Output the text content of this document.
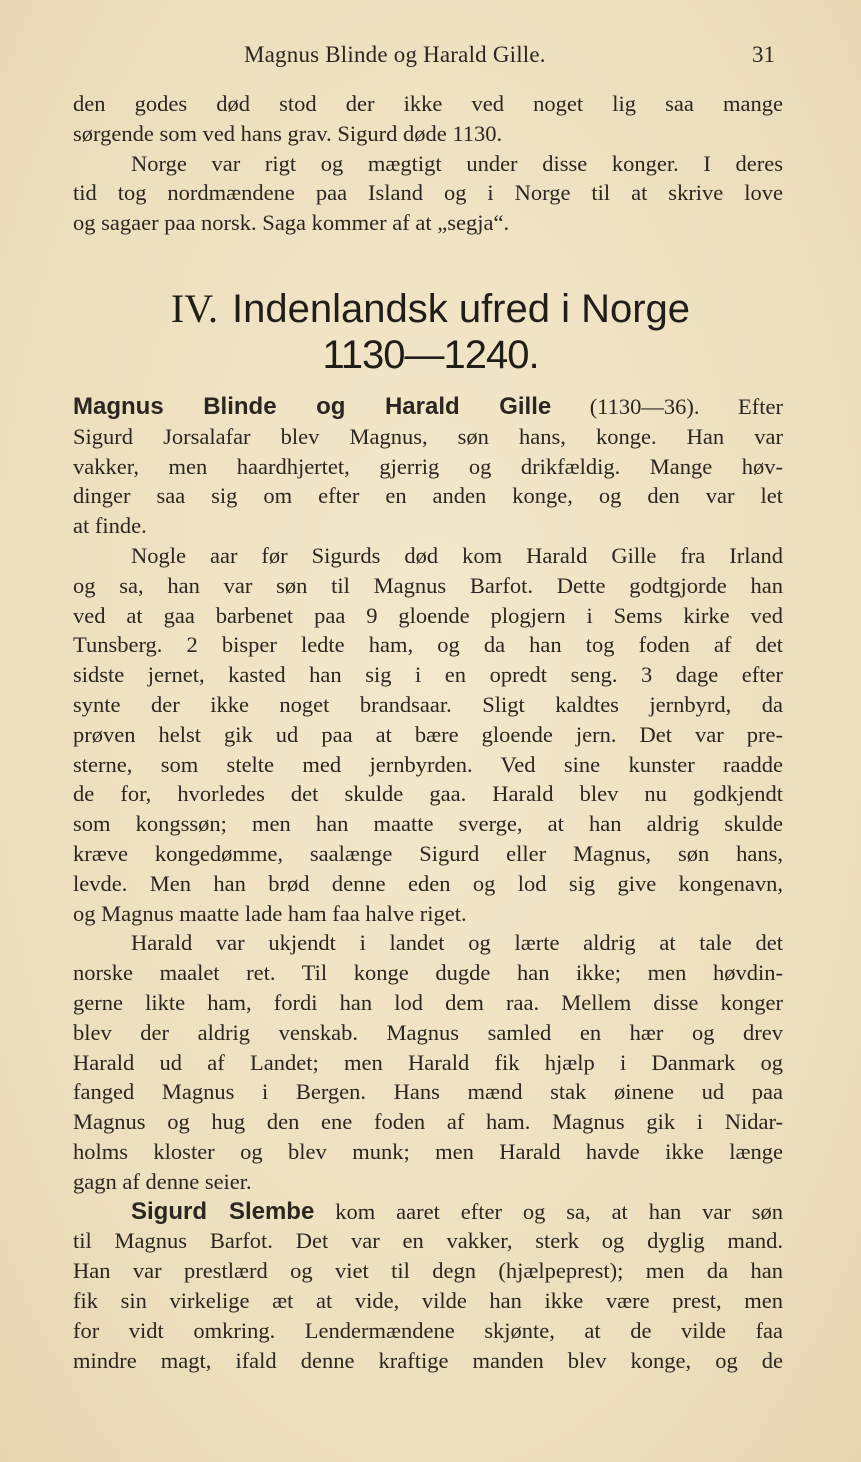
Magnus Blinde og Harald Gille.	31
den godes død stod der ikke ved noget lig saa mange
sørgende som ved hans grav. Sigurd døde 1130.
Norge var rigt og mægtigt under disse konger. I deres
tid tog nordmændene paa Island og i Norge til at skrive love
og sagaer paa norsk. Saga kommer af at „segja“.
IV. Indenlandsk ufred i Norge
1130—1240.
Magnus Blinde og Harald Gille (1130—36). Efter
Sigurd Jorsalafar blev Magnus, søn hans, konge. Han var
vakker, men haardhjertet, gjerrig og drikfældig. Mange høv-
dinger saa sig om efter en anden konge, og den var let
at finde.
Nogle aar før Sigurds død kom Harald Gille fra Irland
og sa, han var søn til Magnus Barfot. Dette godtgjorde han
ved at gaa barbenet paa 9 gloende plogjern i Sems kirke ved
Tunsberg. 2 bisper ledte ham, og da han tog foden af det
sidste jernet, kasted han sig i en opredt seng. 3 dage efter
synte der ikke noget brandsaar. Sligt kaldtes jernbyrd, da
prøven helst gik ud paa at bære gloende jern. Det var pre-
sterne, som stelte med jernbyrden. Ved sine kunster raadde
de for, hvorledes det skulde gaa. Harald blev nu godkjendt
som kongssøn; men han maatte sverge, at han aldrig skulde
kræve kongedømme, saalænge Sigurd eller Magnus, søn hans,
levde. Men han brød denne eden og lod sig give kongenavn,
og Magnus maatte lade ham faa halve riget.
Harald var ukjendt i landet og lærte aldrig at tale det
norske maalet ret. Til konge dugde han ikke; men høvdin-
gerne likte ham, fordi han lod dem raa. Mellem disse konger
blev der aldrig venskab. Magnus samled en hær og drev
Harald ud af Landet; men Harald fik hjælp i Danmark og
fanged Magnus i Bergen. Hans mænd stak øinene ud paa
Magnus og hug den ene foden af ham. Magnus gik i Nidar-
holms kloster og blev munk; men Harald havde ikke længe
gagn af denne seier.
Sigurd Slembe kom aaret efter og sa, at han var søn
til Magnus Barfot. Det var en vakker, sterk og dyglig mand.
Han var prestlærd og viet til degn (hjælpeprest); men da han
fik sin virkelige æt at vide, vilde han ikke være prest, men
for vidt omkring. Lendermændene skjønte, at de vilde faa
mindre magt, ifald denne kraftige manden blev konge, og de
